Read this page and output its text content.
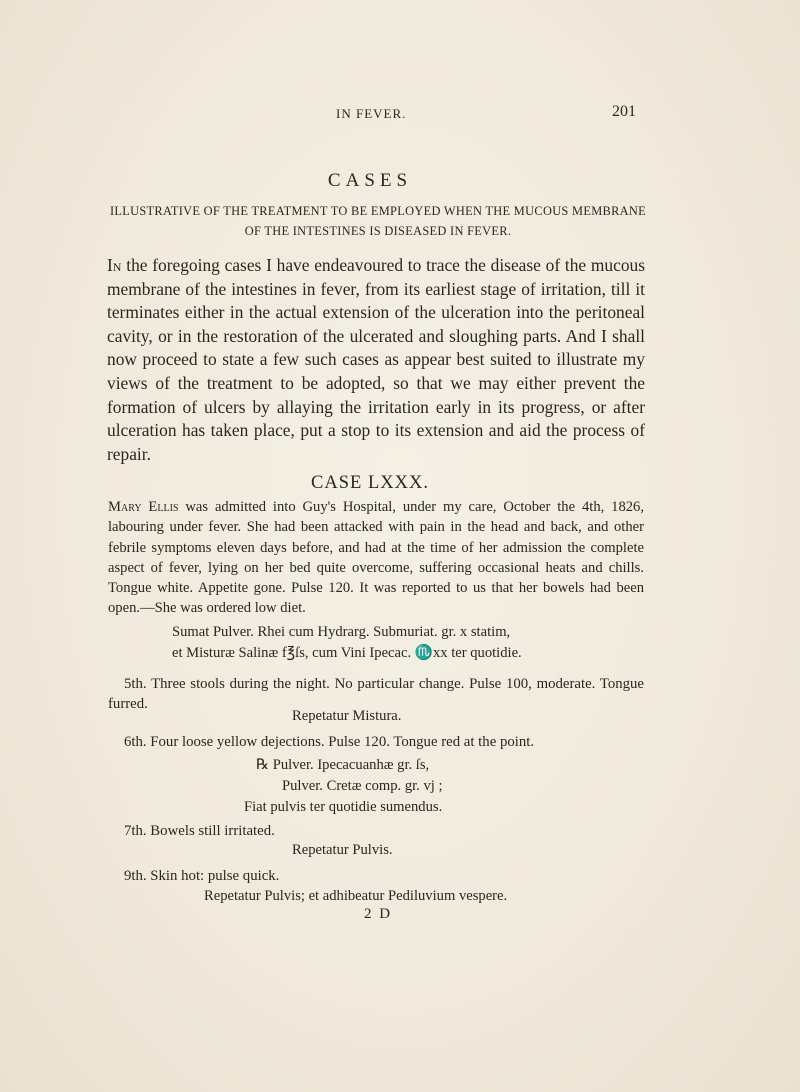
IN FEVER.	201
CASES
ILLUSTRATIVE OF THE TREATMENT TO BE EMPLOYED WHEN THE MUCOUS MEMBRANE OF THE INTESTINES IS DISEASED IN FEVER.
In the foregoing cases I have endeavoured to trace the disease of the mucous membrane of the intestines in fever, from its earliest stage of irritation, till it terminates either in the actual extension of the ulceration into the peritoneal cavity, or in the restoration of the ulcerated and sloughing parts. And I shall now proceed to state a few such cases as appear best suited to illustrate my views of the treatment to be adopted, so that we may either prevent the formation of ulcers by allaying the irritation early in its progress, or after ulceration has taken place, put a stop to its extension and aid the process of repair.
CASE LXXX.
Mary Ellis was admitted into Guy's Hospital, under my care, October the 4th, 1826, labouring under fever. She had been attacked with pain in the head and back, and other febrile symptoms eleven days before, and had at the time of her admission the complete aspect of fever, lying on her bed quite overcome, suffering occasional heats and chills. Tongue white. Appetite gone. Pulse 120. It was reported to us that her bowels had been open.—She was ordered low diet.
Sumat Pulver. Rhei cum Hydrarg. Submuriat. gr. x statim,
et Misturæ Salinæ f℥ſs, cum Vini Ipecac. ♏xx ter quotidie.
5th. Three stools during the night. No particular change. Pulse 100, moderate. Tongue furred.
Repetatur Mistura.
6th. Four loose yellow dejections. Pulse 120. Tongue red at the point.
℞ Pulver. Ipecacuanhæ gr. ſs,
Pulver. Cretæ comp. gr. vj ;
Fiat pulvis ter quotidie sumendus.
7th. Bowels still irritated.
Repetatur Pulvis.
9th. Skin hot: pulse quick.
Repetatur Pulvis; et adhibeatur Pediluvium vespere.
2 D
